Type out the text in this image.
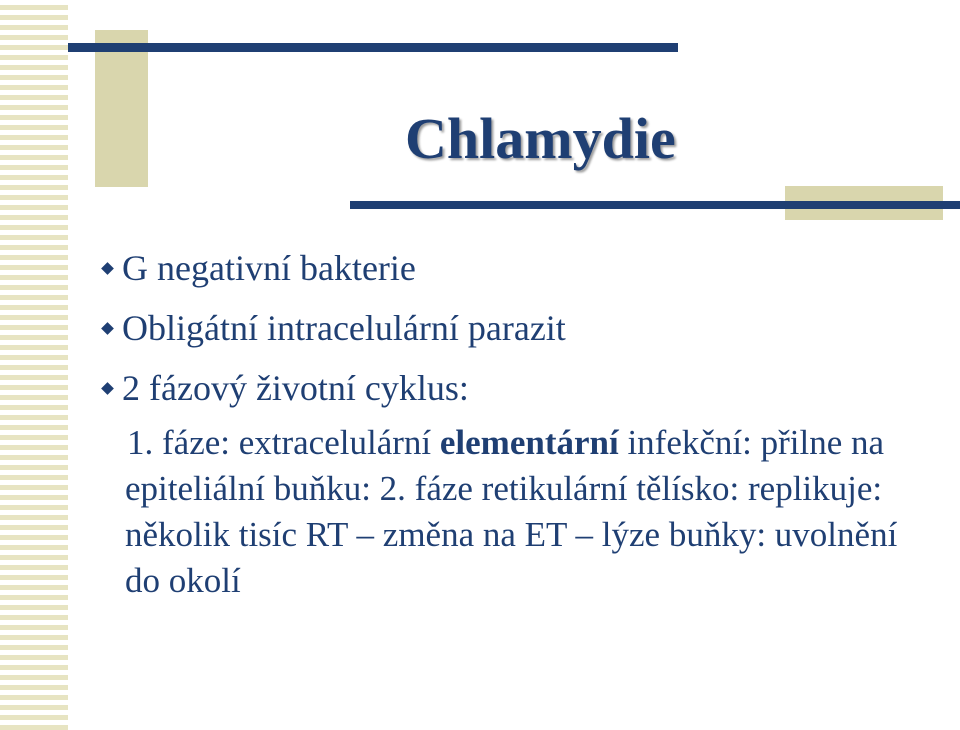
Chlamydie
G negativní bakterie
Obligátní intracelulární parazit
2 fázový životní cyklus:

1. fáze: extracelulární elementární infekční: přilne na epiteliální buňku: 2. fáze retikulární tělísko: replikuje: několik tisíc RT – změna na ET – lýze buňky: uvolnění do okolí
